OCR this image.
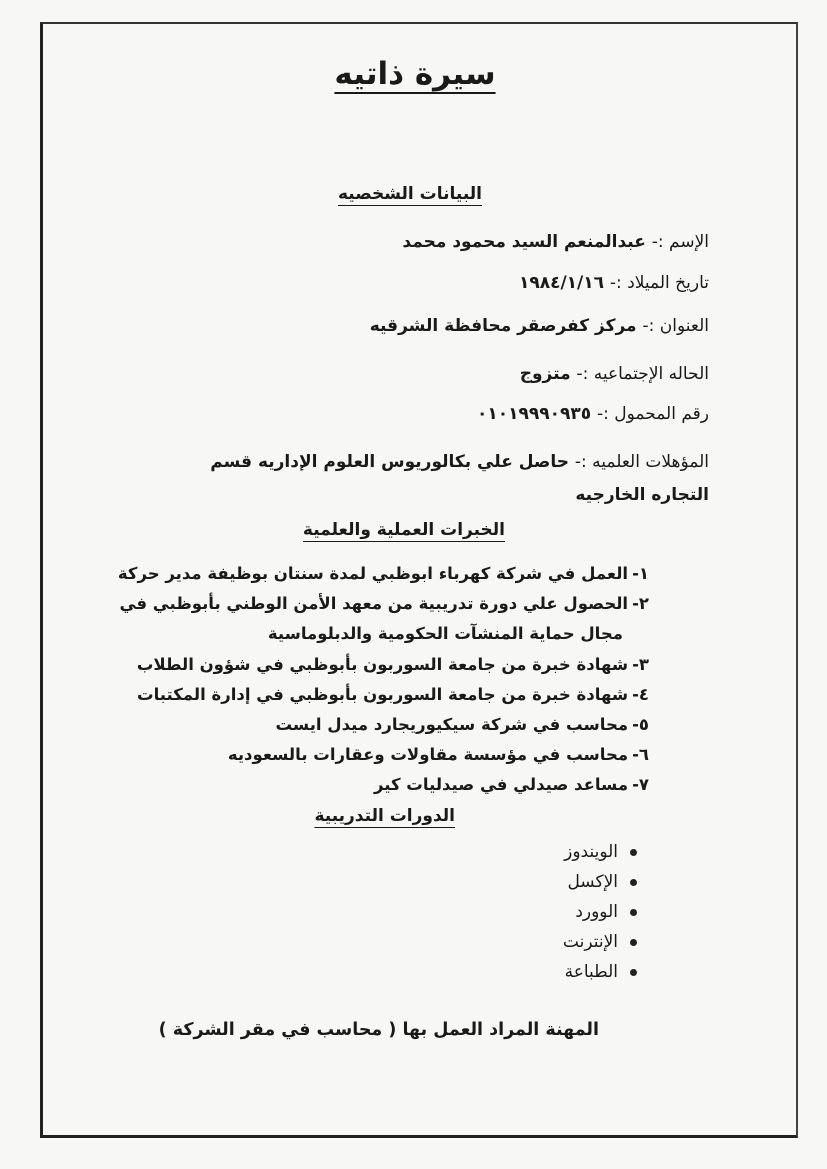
سيرة ذاتيه
البيانات الشخصيه
الإسم :- عبدالمنعم السيد محمود محمد
تاريخ الميلاد :- ١٩٨٤/١/١٦
العنوان :- مركز كفرصقر محافظة الشرقيه
الحاله الإجتماعيه :- متزوج
رقم المحمول :- ٠١٠١٩٩٩٠٩٣٥
المؤهلات العلميه :- حاصل علي بكالوريوس العلوم الإداريه قسم التجاره الخارجيه
الخبرات العملية والعلمية
١-العمل في شركة كهرباء ابوظبي لمدة سنتان بوظيفة مدير حركة
٢-الحصول علي دورة تدريبية من معهد الأمن الوطني بأبوظبي في
مجال حماية المنشآت الحكومية والدبلوماسية
٣-شهادة خبرة من جامعة السوربون بأبوظبي في شؤون الطلاب
٤-شهادة خبرة من جامعة السوربون بأبوظبي في إدارة المكتبات
٥-محاسب في شركة سيكيوريجارد ميدل ايست
٦-محاسب في مؤسسة مقاولات وعقارات بالسعوديه
٧-مساعد صيدلي في صيدليات كير
الدورات التدريبية
الويندوز
الإكسل
الوورد
الإنترنت
الطباعة
المهنة المراد العمل بها ( محاسب في مقر الشركة )
